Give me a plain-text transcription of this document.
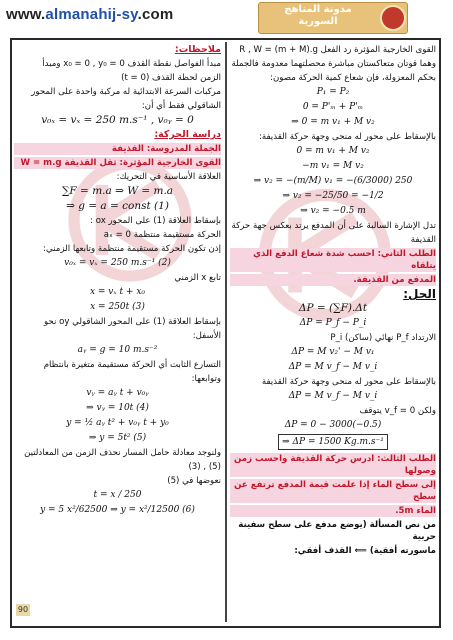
www.almanahij-sy.com	مدونة المناهج
السورية

ملاحظات:

مبدأ الفواصل نقطة القذف x₀ = 0 , y₀ = 0 ومبدأ

الزمن لحظة القذف (t = 0)

مركبات السرعة الابتدائية له مركبة واحدة على المحور

الشاقولي فقط أي أن:

v₀ₓ = vₓ = 250 m.s⁻¹ , v₀ᵧ = 0

دراسة الحركة:

الجملة المدروسة: القذيفة

القوى الخارجية المؤثرة: ثقل القذيفة W = m.g

العلاقة الأساسية في التحريك:

∑F = m.a ⇒ W = m.a
⇒ g = a = const (1)

بإسقاط العلاقة (1) على المحور ox :

الحركة مستقيمة منتظمة 0 = aₓ

إذن تكون الحركة مستقيمة منتظمة وتابعها الزمني:

v₀ₓ = vₓ = 250 m.s⁻¹ (2)

تابع x الزمني

x = vₓ t + x₀
x = 250t (3)

بإسقاط العلاقة (1) على المحور الشاقولي oy نحو

الأسفل:

aᵧ = g = 10 m.s⁻²

التسارع الثابت أي الحركة مستقيمة متغيرة بانتظام

وتوابعها:

vᵧ = aᵧ t + v₀ᵧ
⇒ vᵧ = 10t (4)
y = ½ aᵧ t² + v₀ᵧ t + y₀
⇒ y = 5t² (5)

ولنوجد معادلة حامل المسار نحذف الزمن من المعادلتين

(5) , (3)

نعوضها في (5)

t = x / 250
y = 5 x²/62500 ⇒ y = x²/12500 (6)

القوى الخارجية المؤثرة رد الفعل R , W = (m + M).g

وهما قوتان متعاكستان مباشرة محصلتهما معدومة فالجملة

بحكم المعزولة، فإن شعاع كمية الحركة مصون:

P₁ = P₂
0 = P'ₘ + P'ₘ
⇒ 0 = m v₁ + M v₂

بالإسقاط على محور له منحى وجهة حركة القذيفة:

0 = m v₁ + M v₂
−m v₁ = M v₂
⇒ v₂ = −(m/M) v₁ = −(6/3000) 250
⇒ v₂ = −25/50 = −1/2
⇒ v₂ = −0.5 m

تدل الإشارة السالبة على أن المدفع يرتد بعكس جهة حركة

القذيفة

الطلب الثاني: احسب شدة شعاع الدفع الذي يتلقاه

المدفع من القذيفة.

الحل:

ΔP = (∑F).Δt
ΔP = P_f − P_i

الارتداد P_f نهائي (ساكن) P_i

ΔP = M v₂' − M v₁
ΔP = M v_f − M v_i

بالإسقاط على محور له منحى وجهة حركة القذيفة

ΔP = M v_f − M v_i

ولكن v_f = 0 يتوقف

ΔP = 0 − 3000(−0.5)
⇒ ΔP = 1500 Kg.m.s⁻¹

الطلب الثالث: ادرس حركة القذيفة واحسب زمن وصولها

إلى سطح الماء إذا علمت قيمة المدفع ترتفع عن سطح

الماء 5m.

من نص المسألة (يوضع مدفع على سطح سفينة حربية

ماسورته أفقية) ⟸ القذف أفقي:

90
